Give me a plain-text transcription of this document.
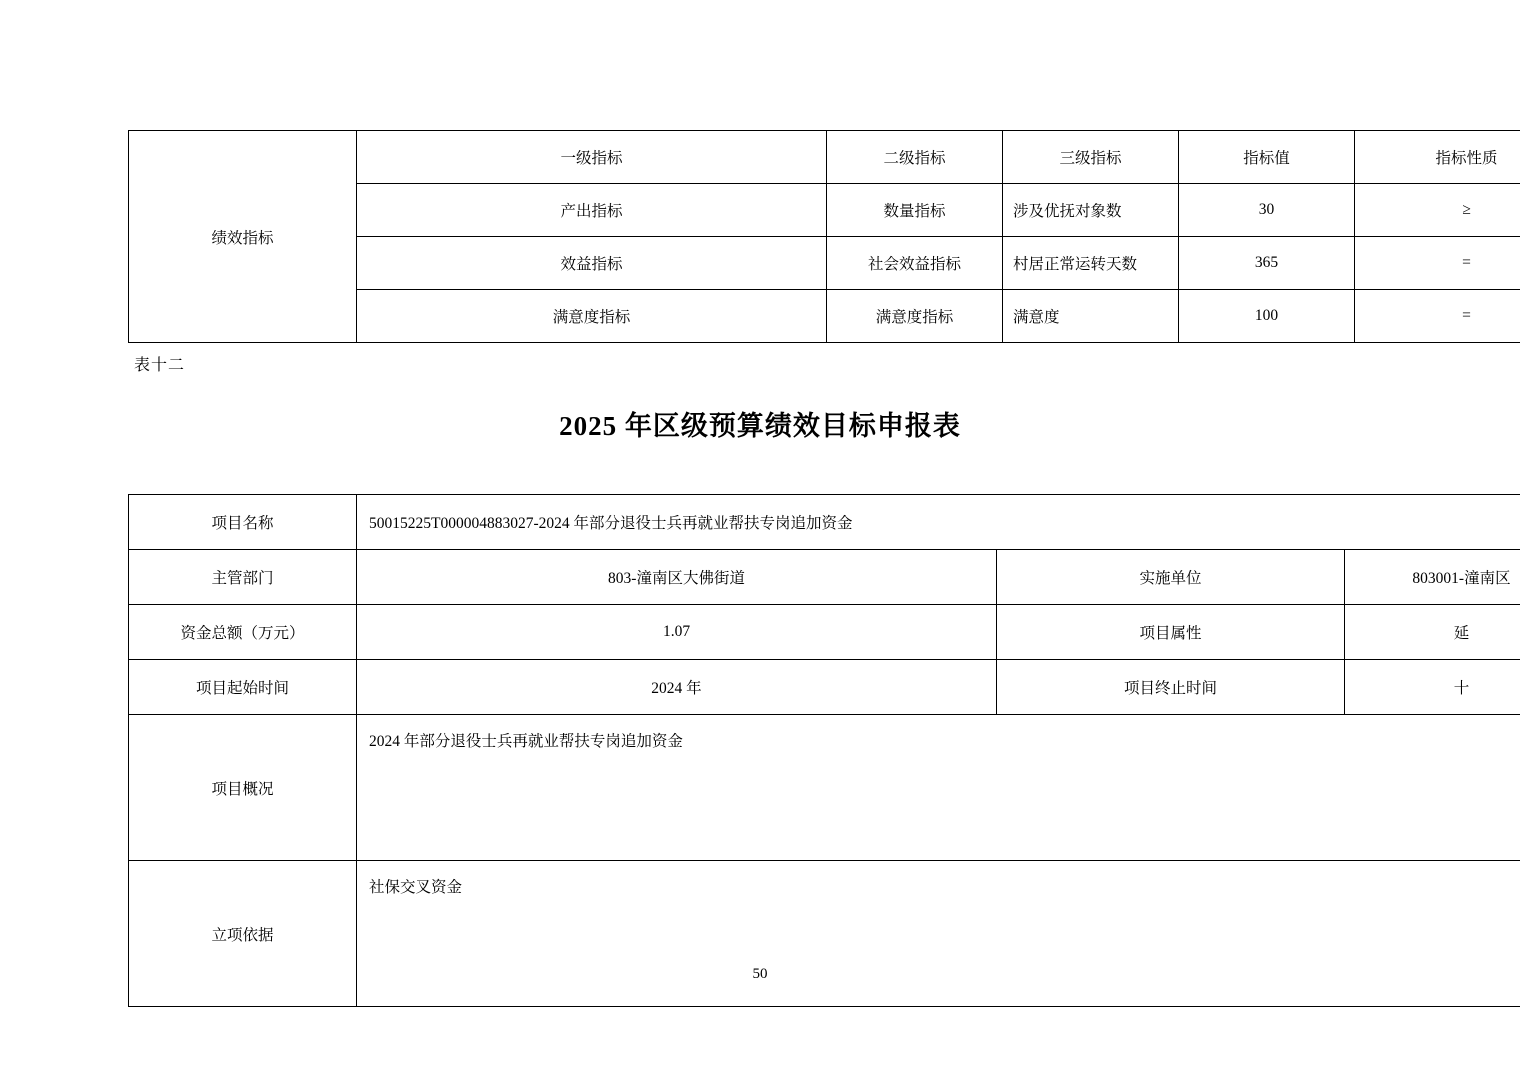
绩效指标	一级指标	二级指标	三级指标	指标值	指标性质
	产出指标	数量指标	涉及优抚对象数	30	≥
	效益指标	社会效益指标	村居正常运转天数	365	=
	满意度指标	满意度指标	满意度	100	=
表十二
2025 年区级预算绩效目标申报表
项目名称	50015225T000004883027-2024 年部分退役士兵再就业帮扶专岗追加资金		
主管部门	803-潼南区大佛街道	实施单位	803001-潼南区
资金总额（万元）	1.07	项目属性	延
项目起始时间	2024 年	项目终止时间	十
项目概况	2024 年部分退役士兵再就业帮扶专岗追加资金		
立项依据	社保交叉资金		
50
